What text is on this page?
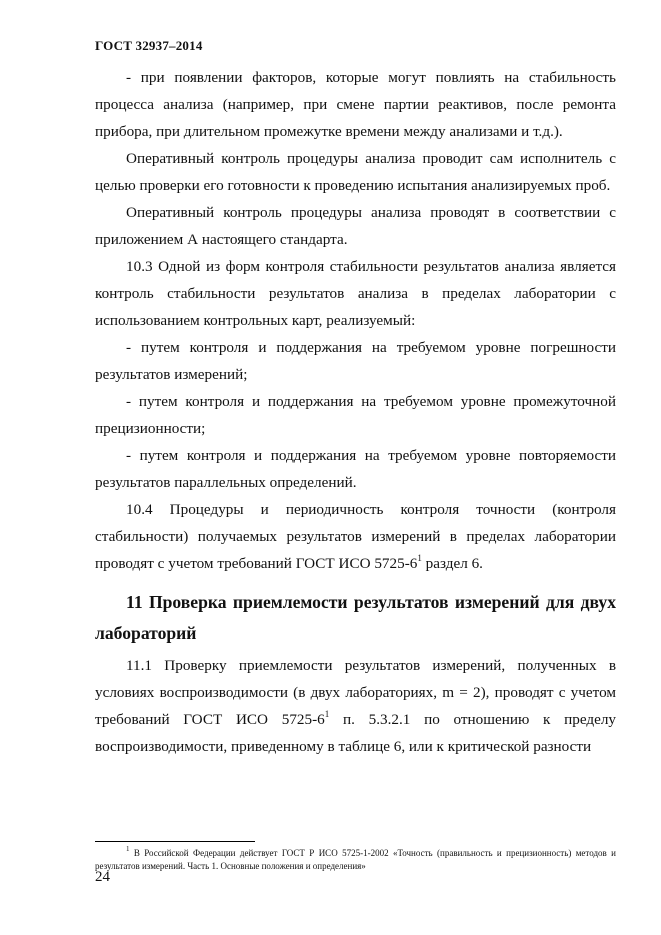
ГОСТ 32937–2014

- при появлении факторов, которые могут повлиять на стабильность процесса анализа (например, при смене партии реактивов, после ремонта прибора, при длительном промежутке времени между анализами и т.д.).

Оперативный контроль процедуры анализа проводит сам исполнитель с целью проверки его готовности к проведению испытания анализируемых проб.

Оперативный контроль процедуры анализа проводят в соответствии с приложением А настоящего стандарта.

10.3 Одной из форм контроля стабильности результатов анализа является контроль стабильности результатов анализа в пределах лаборатории с использованием контрольных карт, реализуемый:

- путем контроля и поддержания на требуемом уровне погрешности результатов измерений;

- путем контроля и поддержания на требуемом уровне промежуточной прецизионности;

- путем контроля и поддержания на требуемом уровне повторяемости результатов параллельных определений.

10.4 Процедуры и периодичность контроля точности (контроля стабильности) получаемых результатов измерений в пределах лаборатории проводят с учетом требований ГОСТ ИСО $5725-6^1$ раздел 6.

11 Проверка приемлемости результатов измерений для двух лабораторий

11.1 Проверку приемлемости результатов измерений, полученных в условиях воспроизводимости (в двух лабораториях, m = 2), проводят с учетом требований ГОСТ ИСО $5725-6^1$ п. 5.3.2.1 по отношению к пределу воспроизводимости, приведенному в таблице 6, или к критической разности

$^1$ В Российской Федерации действует ГОСТ Р ИСО 5725-1-2002 «Точность (правильность и прецизионность) методов и результатов измерений. Часть 1. Основные положения и определения»
24
